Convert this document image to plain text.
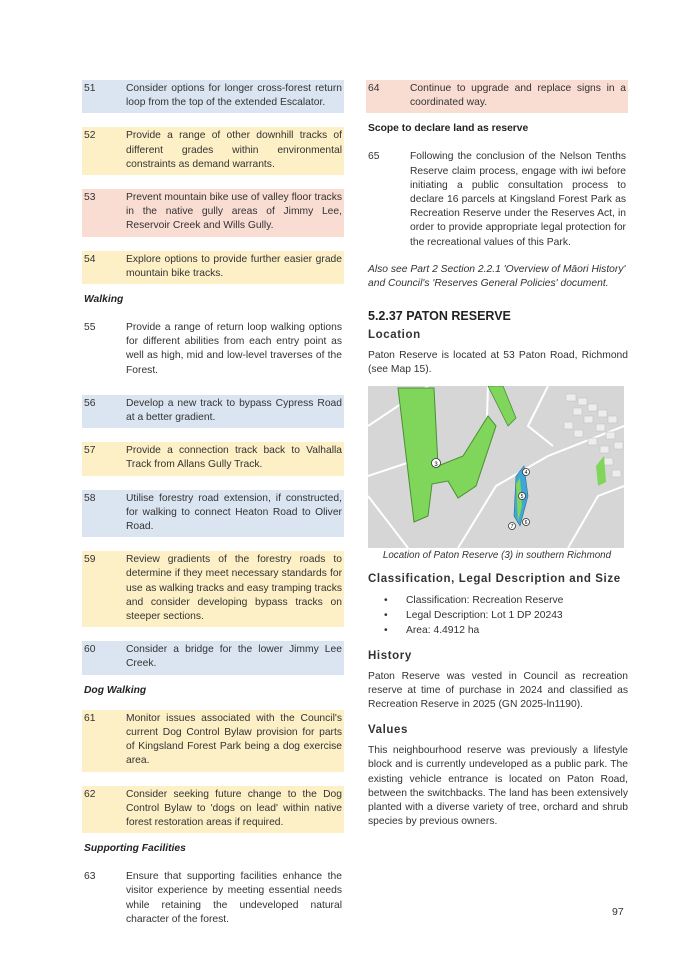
51	Consider options for longer cross-forest return loop from the top of the extended Escalator.
52	Provide a range of other downhill tracks of different grades within environmental constraints as demand warrants.
53	Prevent mountain bike use of valley floor tracks in the native gully areas of Jimmy Lee, Reservoir Creek and Wills Gully.
54	Explore options to provide further easier grade mountain bike tracks.
Walking
55	Provide a range of return loop walking options for different abilities from each entry point as well as high, mid and low-level traverses of the Forest.
56	Develop a new track to bypass Cypress Road at a better gradient.
57	Provide a connection track back to Valhalla Track from Allans Gully Track.
58	Utilise forestry road extension, if constructed, for walking to connect Heaton Road to Oliver Road.
59	Review gradients of the forestry roads to determine if they meet necessary standards for use as walking tracks and easy tramping tracks and consider developing bypass tracks on steeper sections.
60	Consider a bridge for the lower Jimmy Lee Creek.
Dog Walking
61	Monitor issues associated with the Council's current Dog Control Bylaw provision for parts of Kingsland Forest Park being a dog exercise area.
62	Consider seeking future change to the Dog Control Bylaw to 'dogs on lead' within native forest restoration areas if required.
Supporting Facilities
63	Ensure that supporting facilities enhance the visitor experience by meeting essential needs while retaining the undeveloped natural character of the forest.
64	Continue to upgrade and replace signs in a coordinated way.
Scope to declare land as reserve
65	Following the conclusion of the Nelson Tenths Reserve claim process, engage with iwi before initiating a public consultation process to declare 16 parcels at Kingsland Forest Park as Recreation Reserve under the Reserves Act, in order to provide appropriate legal protection for the recreational values of this Park.
Also see Part 2 Section 2.2.1 'Overview of Māori History' and Council's 'Reserves General Policies' document.
5.2.37 PATON RESERVE
Location
Paton Reserve is located at 53 Paton Road, Richmond (see Map 15).
3
4
5
6
7
Location of Paton Reserve (3) in southern Richmond
Classification, Legal Description and Size
•	Classification: Recreation Reserve
•	Legal Description: Lot 1 DP 20243
•	Area: 4.4912 ha
History
Paton Reserve was vested in Council as recreation reserve at time of purchase in 2024 and classified as Recreation Reserve in 2025 (GN 2025-ln1190).
Values
This neighbourhood reserve was previously a lifestyle block and is currently undeveloped as a public park. The existing vehicle entrance is located on Paton Road, between the switchbacks. The land has been extensively planted with a diverse variety of tree, orchard and shrub species by previous owners.
97
